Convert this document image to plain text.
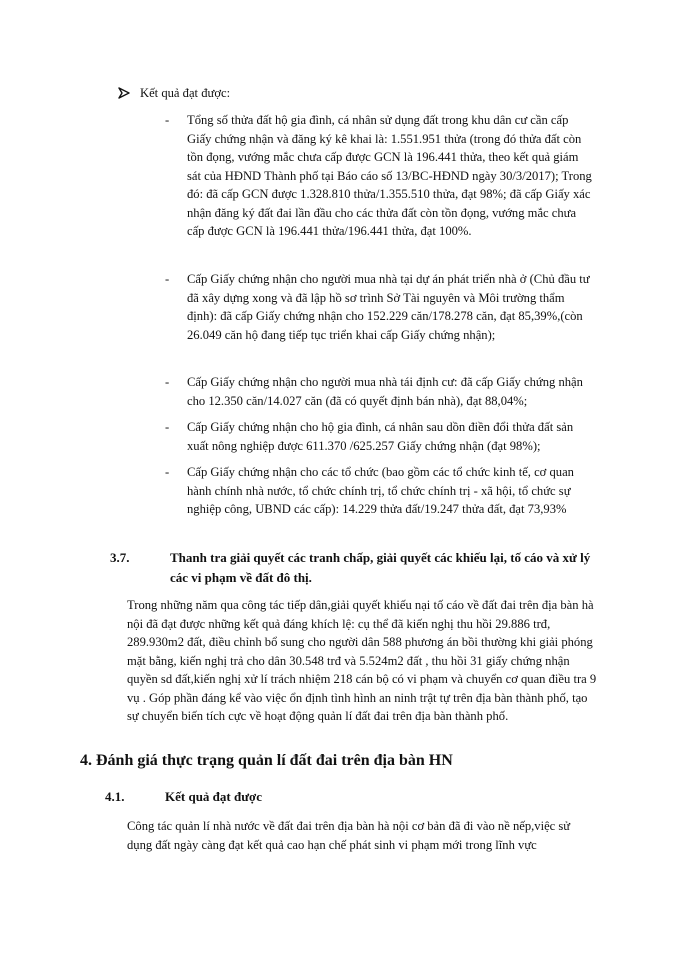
Kết quả đạt được:
-	Tổng số thửa đất hộ gia đình, cá nhân sử dụng đất trong khu dân cư cần cấp Giấy chứng nhận và đăng ký kê khai là: 1.551.951 thửa (trong đó thửa đất còn tồn đọng, vướng mắc chưa cấp được GCN là 196.441 thửa, theo kết quả giám sát của HĐND Thành phố tại Báo cáo số 13/BC-HĐND ngày 30/3/2017); Trong đó: đã cấp GCN được 1.328.810 thửa/1.355.510 thửa, đạt 98%; đã cấp Giấy xác nhận đăng ký đất đai lần đầu cho các thửa đất còn tồn đọng, vướng mắc chưa cấp được GCN là 196.441 thửa/196.441 thửa, đạt 100%.

-	Cấp Giấy chứng nhận cho người mua nhà tại dự án phát triển nhà ở (Chủ đầu tư đã xây dựng xong và đã lập hồ sơ trình Sở Tài nguyên và Môi trường thẩm định): đã cấp Giấy chứng nhận cho 152.229 căn/178.278 căn, đạt 85,39%,(còn 26.049 căn hộ đang tiếp tục triển khai cấp Giấy chứng nhận);

-	Cấp Giấy chứng nhận cho người mua nhà tái định cư: đã cấp Giấy chứng nhận cho 12.350 căn/14.027 căn (đã có quyết định bán nhà), đạt 88,04%;

-	Cấp Giấy chứng nhận cho hộ gia đình, cá nhân sau dồn điền đổi thửa đất sản xuất nông nghiệp được 611.370 /625.257 Giấy chứng nhận (đạt 98%);

-	Cấp Giấy chứng nhận cho các tổ chức (bao gồm các tổ chức kinh tế, cơ quan hành chính nhà nước, tổ chức chính trị, tổ chức chính trị - xã hội, tổ chức sự nghiệp công, UBND các cấp): 14.229 thửa đất/19.247 thửa đất, đạt 73,93%

3.7.	Thanh tra giải quyết các tranh chấp, giải quyết các khiếu lại, tố cáo và xử lý các vi phạm về đất đô thị.

Trong những năm qua công tác tiếp dân,giải quyết khiếu nại tố cáo về đất đai trên địa bàn hà nội đã đạt được những kết quả đáng khích lệ: cụ thể đã kiến nghị thu hồi 29.886 trđ, 289.930m2 đất, điều chỉnh bổ sung cho người dân 588 phương án bồi thường khi giải phóng mặt bằng, kiến nghị trả cho dân 30.548 trđ và 5.524m2 đất , thu hồi 31 giấy chứng nhận quyền sd đất,kiến nghị xử lí trách nhiệm 218 cán bộ có vi phạm và chuyển cơ quan điều tra 9 vụ . Góp phần đáng kể vào việc ổn định tình hình an ninh trật tự trên địa bàn thành phố, tạo sự chuyển biến tích cực về hoạt động quản lí đất đai trên địa bàn thành phố.

4. Đánh giá thực trạng quản lí đất đai trên địa bàn HN
4.1.	Kết quả đạt được

Công tác quản lí nhà nước về đất đai trên địa bàn hà nội cơ bản đã đi vào nề nếp,việc sử dụng đất ngày càng đạt kết quả cao hạn chế phát sinh vi phạm mới trong lĩnh vực
